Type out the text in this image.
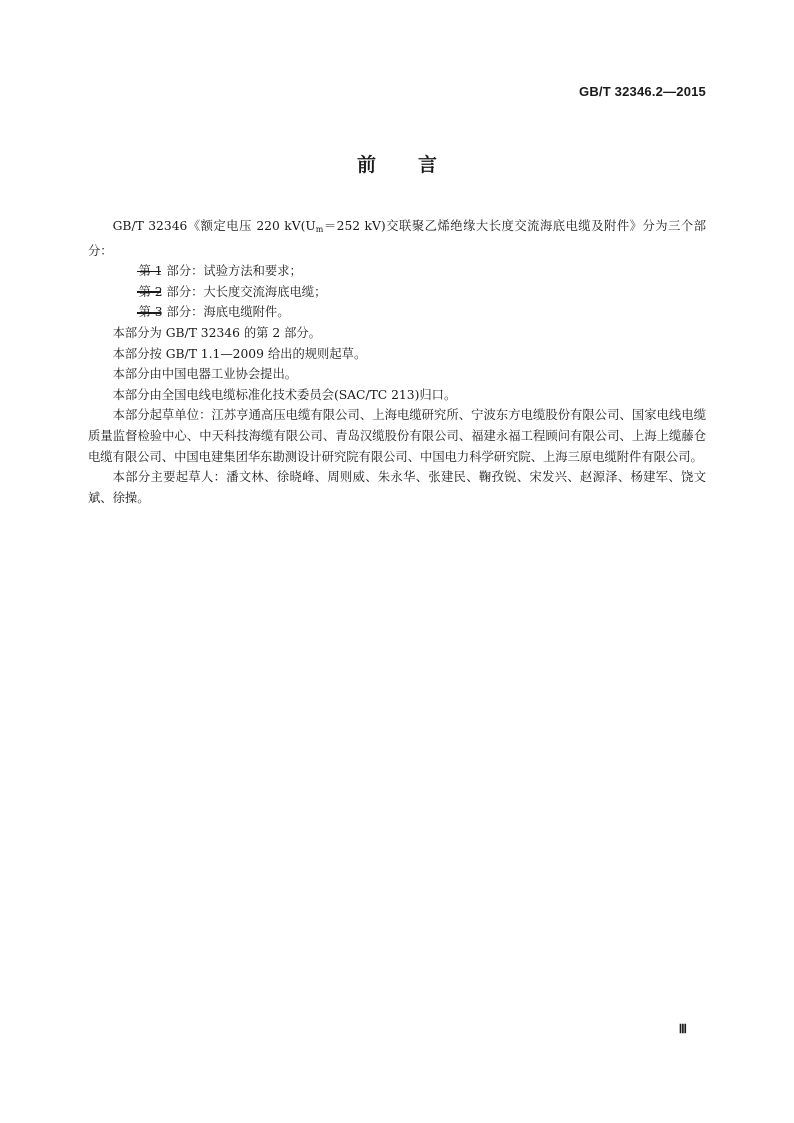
GB/T 32346.2—2015
前 言

GB/T 32346《额定电压 220 $kV(U_m=252$ kV)交联聚乙烯绝缘大长度交流海底电缆及附件》分为三个部分：

第 1 部分：试验方法和要求；

第 2 部分：大长度交流海底电缆；

第 3 部分：海底电缆附件。

本部分为 GB/T 32346 的第 2 部分。

本部分按 GB/T 1.1—2009 给出的规则起草。

本部分由中国电器工业协会提出。

本部分由全国电线电缆标准化技术委员会(SAC/TC 213)归口。

本部分起草单位：江苏亨通高压电缆有限公司、上海电缆研究所、宁波东方电缆股份有限公司、国家电线电缆质量监督检验中心、中天科技海缆有限公司、青岛汉缆股份有限公司、福建永福工程顾问有限公司、上海上缆藤仓电缆有限公司、中国电建集团华东勘测设计研究院有限公司、中国电力科学研究院、上海三原电缆附件有限公司。

本部分主要起草人：潘文林、徐晓峰、周则威、朱永华、张建民、鞠孜锐、宋发兴、赵源泽、杨建军、饶文斌、徐操。

Ⅲ
